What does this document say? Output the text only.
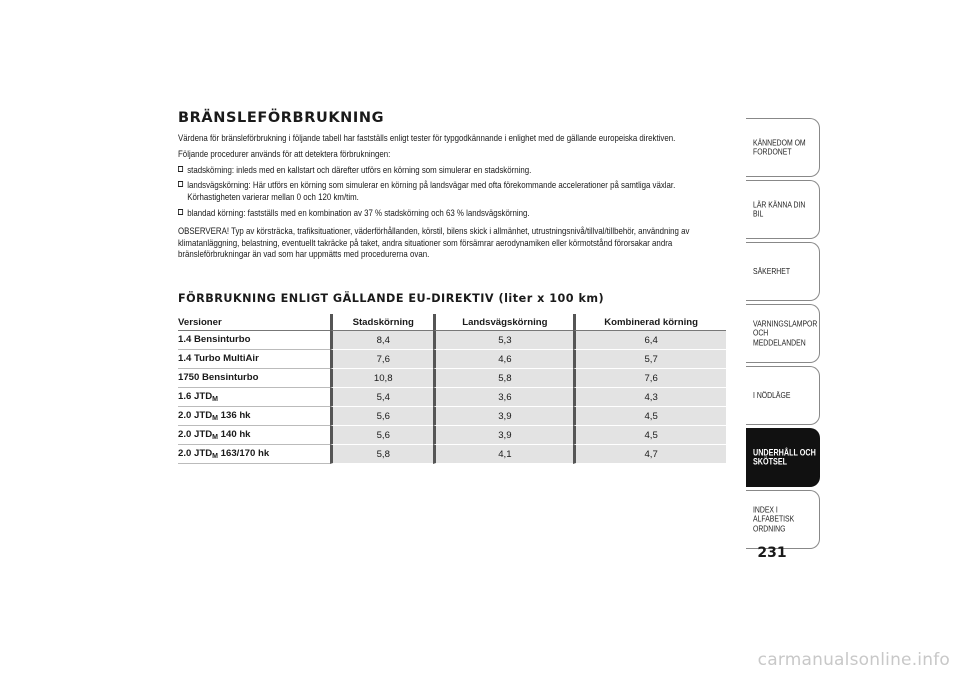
BRÄNSLEFÖRBRUKNING

Värdena för bränsleförbrukning i följande tabell har fastställs enligt tester för typgodkännande i enlighet med de gällande europeiska direktiven.

Följande procedurer används för att detektera förbrukningen:

stadskörning: inleds med en kallstart och därefter utförs en körning som simulerar en stadskörning.
landsvägskörning: Här utförs en körning som simulerar en körning på landsvägar med ofta förekommande accelerationer på samtliga växlar. Körhastigheten varierar mellan 0 och 120 km/tim.
blandad körning: fastställs med en kombination av 37 % stadskörning och 63 % landsvägskörning.

OBSERVERA! Typ av körsträcka, trafiksituationer, väderförhållanden, körstil, bilens skick i allmänhet, utrustningsnivå/tillval/tillbehör, användning av klimatanläggning, belastning, eventuellt takräcke på taket, andra situationer som försämrar aerodynamiken eller körmotstånd förorsakar andra bränsleförbrukningar än vad som har uppmätts med procedurerna ovan.

FÖRBRUKNING ENLIGT GÄLLANDE EU-DIREKTIV (liter x 100 km)
Versioner	Stadskörning	Landsvägskörning	Kombinerad körning
1.4 Bensinturbo	8,4	5,3	6,4
1.4 Turbo MultiAir	7,6	4,6	5,7
1750 Bensinturbo	10,8	5,8	7,6
1.6 $JTD_M$	5,4	3,6	4,3
2.0 $JTD_M$ 136 hk	5,6	3,9	4,5
2.0 $JTD_M$ 140 hk	5,6	3,9	4,5
2.0 $JTD_M$ 163/170 hk	5,8	4,1	4,7
KÄNNEDOM OM FORDONET
LÄR KÄNNA DIN BIL
SÄKERHET
VARNINGSLAMPOR OCH MEDDELANDEN
I NÖDLÄGE
UNDERHÅLL OCH SKÖTSEL
INDEX I ALFABETISK ORDNING
231
carmanualsonline.info
